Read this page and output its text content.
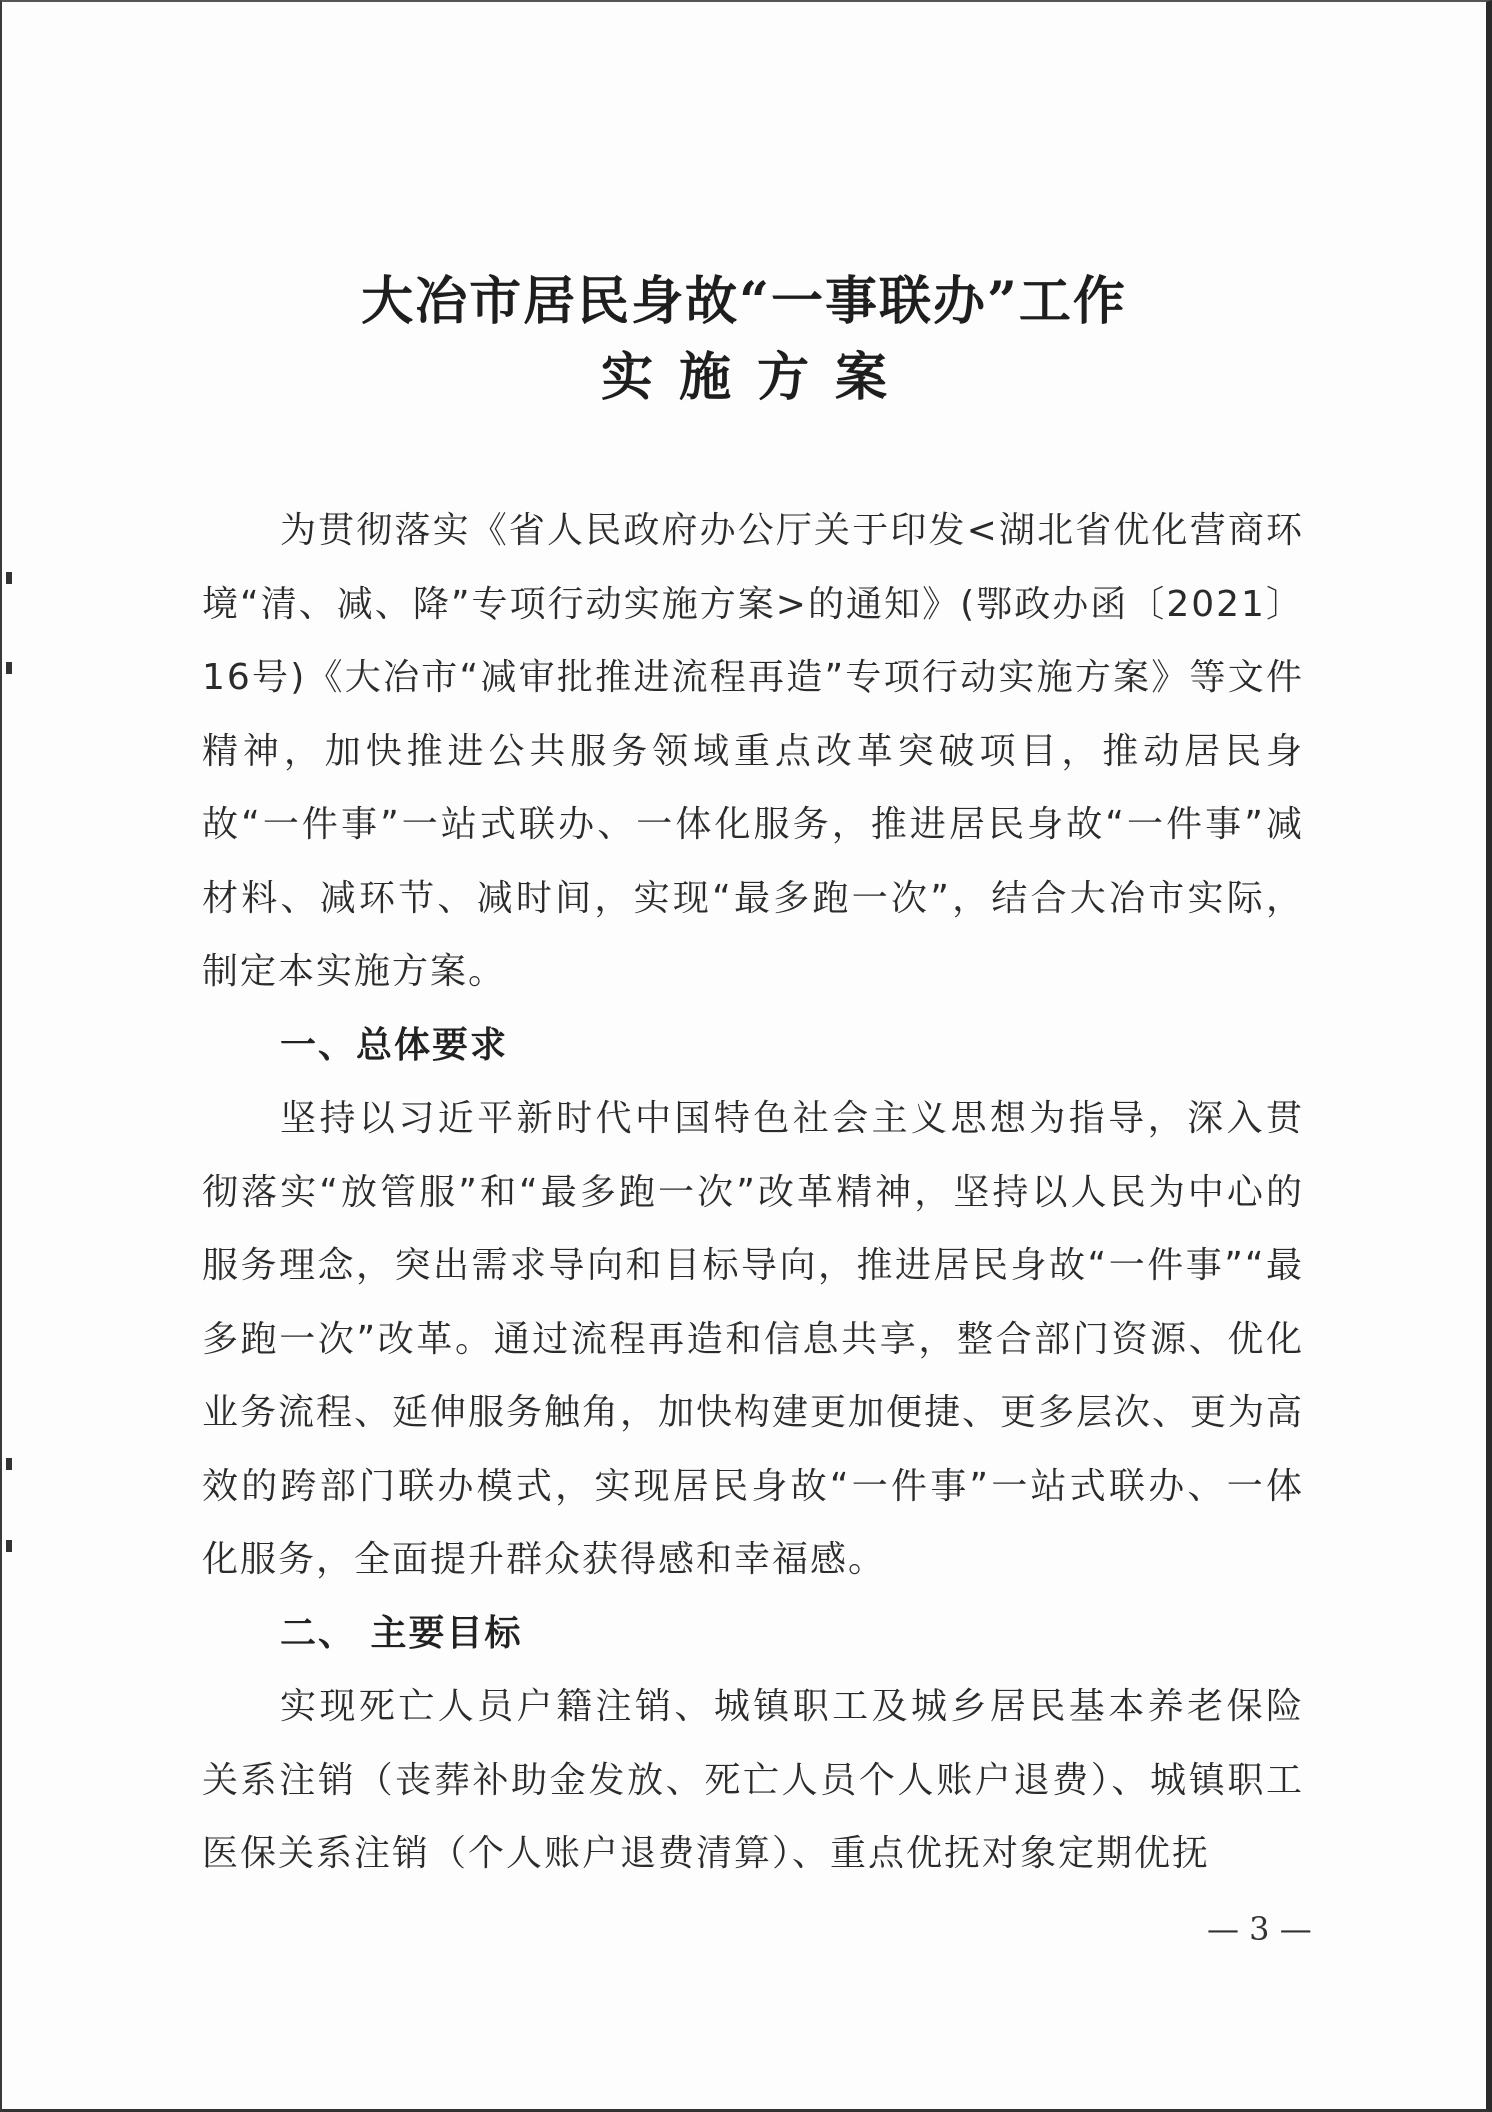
大冶市居民身故“一事联办”工作
实施方案

为贯彻落实《省人民政府办公厅关于印发<湖北省优化营商环境“清、减、降”专项行动实施方案>的通知》(鄂政办函〔2021〕16号)《大冶市“减审批推进流程再造”专项行动实施方案》等文件精神，加快推进公共服务领域重点改革突破项目，推动居民身故“一件事”一站式联办、一体化服务，推进居民身故“一件事”减材料、减环节、减时间，实现“最多跑一次”，结合大冶市实际，制定本实施方案。

一、总体要求

坚持以习近平新时代中国特色社会主义思想为指导，深入贯彻落实“放管服”和“最多跑一次”改革精神，坚持以人民为中心的服务理念，突出需求导向和目标导向，推进居民身故“一件事”“最多跑一次”改革。通过流程再造和信息共享，整合部门资源、优化业务流程、延伸服务触角，加快构建更加便捷、更多层次、更为高效的跨部门联办模式，实现居民身故“一件事”一站式联办、一体化服务，全面提升群众获得感和幸福感。

二、 主要目标

实现死亡人员户籍注销、城镇职工及城乡居民基本养老保险关系注销（丧葬补助金发放、死亡人员个人账户退费）、城镇职工医保关系注销（个人账户退费清算）、重点优抚对象定期优抚

— 3 —
